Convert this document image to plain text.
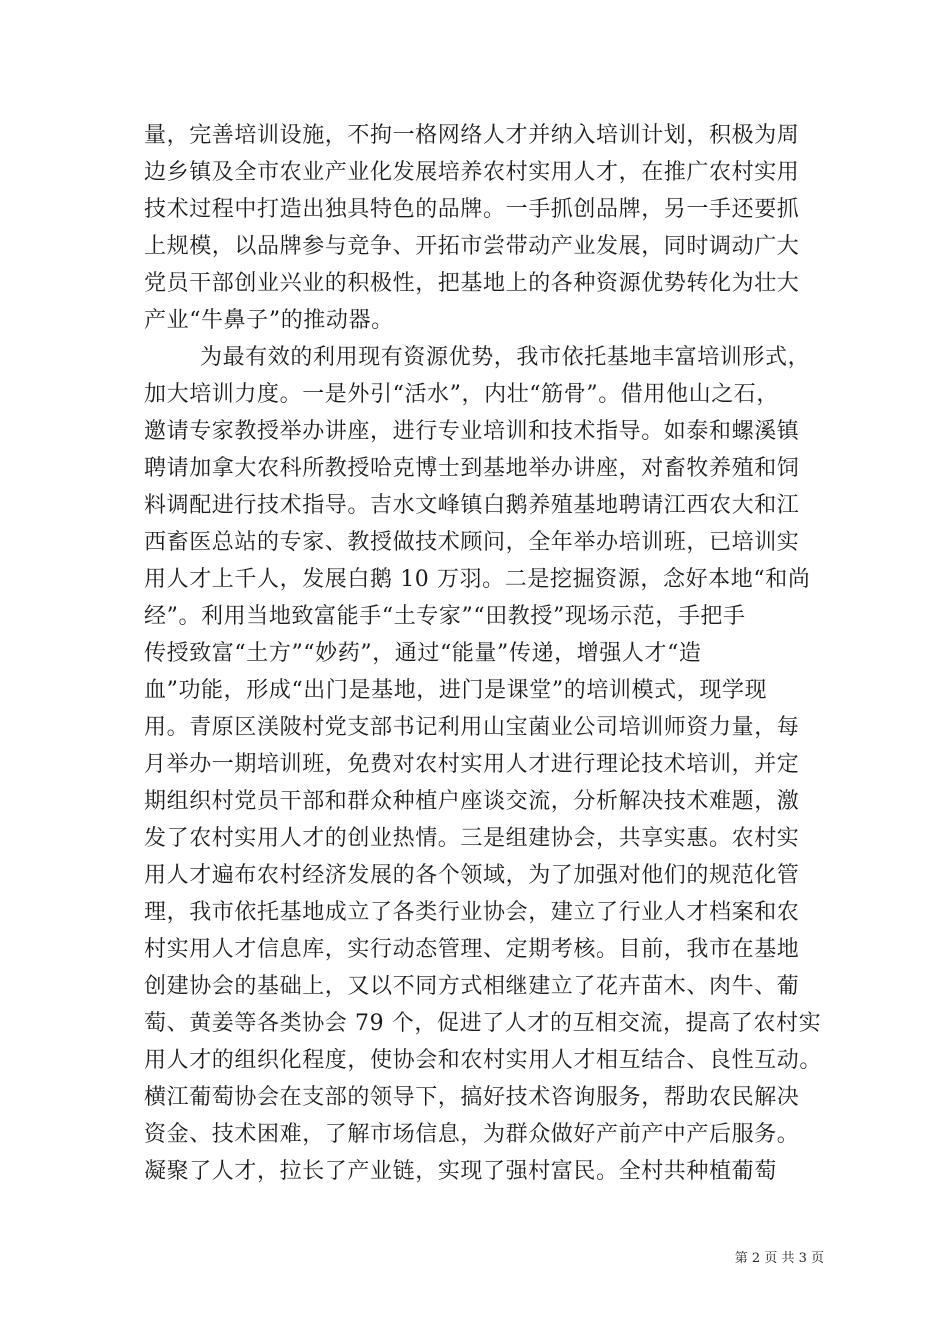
量，完善培训设施，不拘一格网络人才并纳入培训计划，积极为周
边乡镇及全市农业产业化发展培养农村实用人才，在推广农村实用
技术过程中打造出独具特色的品牌。一手抓创品牌，另一手还要抓
上规模，以品牌参与竞争、开拓市尝带动产业发展，同时调动广大
党员干部创业兴业的积极性，把基地上的各种资源优势转化为壮大
产业“牛鼻子”的推动器。
为最有效的利用现有资源优势，我市依托基地丰富培训形式，
加大培训力度。一是外引“活水”，内壮“筋骨”。借用他山之石，
邀请专家教授举办讲座，进行专业培训和技术指导。如泰和螺溪镇
聘请加拿大农科所教授哈克博士到基地举办讲座，对畜牧养殖和饲
料调配进行技术指导。吉水文峰镇白鹅养殖基地聘请江西农大和江
西畜医总站的专家、教授做技术顾问，全年举办培训班，已培训实
用人才上千人，发展白鹅 10 万羽。二是挖掘资源，念好本地“和尚
经”。利用当地致富能手“土专家”“田教授”现场示范，手把手
传授致富“土方”“妙药”，通过“能量”传递，增强人才“造
血”功能，形成“出门是基地，进门是课堂”的培训模式，现学现
用。青原区渼陂村党支部书记利用山宝菌业公司培训师资力量，每
月举办一期培训班，免费对农村实用人才进行理论技术培训，并定
期组织村党员干部和群众种植户座谈交流，分析解决技术难题，激
发了农村实用人才的创业热情。三是组建协会，共享实惠。农村实
用人才遍布农村经济发展的各个领域，为了加强对他们的规范化管
理，我市依托基地成立了各类行业协会，建立了行业人才档案和农
村实用人才信息库，实行动态管理、定期考核。目前，我市在基地
创建协会的基础上，又以不同方式相继建立了花卉苗木、肉牛、葡
萄、黄姜等各类协会 79 个，促进了人才的互相交流，提高了农村实
用人才的组织化程度，使协会和农村实用人才相互结合、良性互动。
横江葡萄协会在支部的领导下，搞好技术咨询服务，帮助农民解决
资金、技术困难，了解市场信息，为群众做好产前产中产后服务。
凝聚了人才，拉长了产业链，实现了强村富民。全村共种植葡萄
第 2 页 共 3 页
